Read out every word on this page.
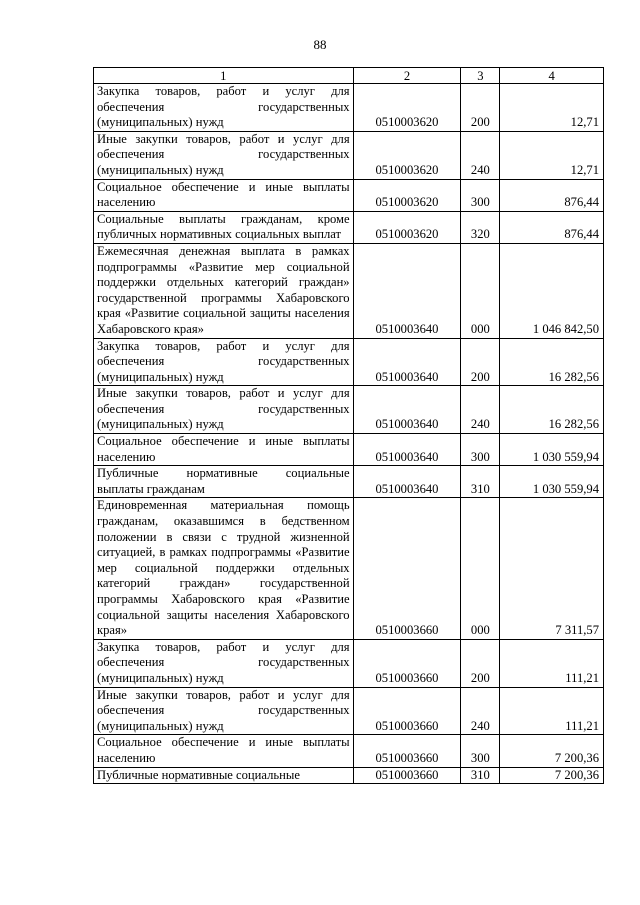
88
1	2	3	4
Закупка товаров, работ и услуг для обеспечения государственных (муниципальных) нужд	0510003620	200	12,71
Иные закупки товаров, работ и услуг для обеспечения государственных (муниципальных) нужд	0510003620	240	12,71
Социальное обеспечение и иные выплаты населению	0510003620	300	876,44
Социальные выплаты гражданам, кроме публичных нормативных социальных выплат	0510003620	320	876,44
Ежемесячная денежная выплата в рамках подпрограммы «Развитие мер социальной поддержки отдельных категорий граждан» государственной программы Хабаровского края «Развитие социальной защиты населения Хабаровского края»	0510003640	000	1 046 842,50
Закупка товаров, работ и услуг для обеспечения государственных (муниципальных) нужд	0510003640	200	16 282,56
Иные закупки товаров, работ и услуг для обеспечения государственных (муниципальных) нужд	0510003640	240	16 282,56
Социальное обеспечение и иные выплаты населению	0510003640	300	1 030 559,94
Публичные нормативные социальные выплаты гражданам	0510003640	310	1 030 559,94
Единовременная материальная помощь гражданам, оказавшимся в бедственном положении в связи с трудной жизненной ситуацией, в рамках подпрограммы «Развитие мер социальной поддержки отдельных категорий граждан» государственной программы Хабаровского края «Развитие социальной защиты населения Хабаровского края»	0510003660	000	7 311,57
Закупка товаров, работ и услуг для обеспечения государственных (муниципальных) нужд	0510003660	200	111,21
Иные закупки товаров, работ и услуг для обеспечения государственных (муниципальных) нужд	0510003660	240	111,21
Социальное обеспечение и иные выплаты населению	0510003660	300	7 200,36
Публичные нормативные социальные	0510003660	310	7 200,36
